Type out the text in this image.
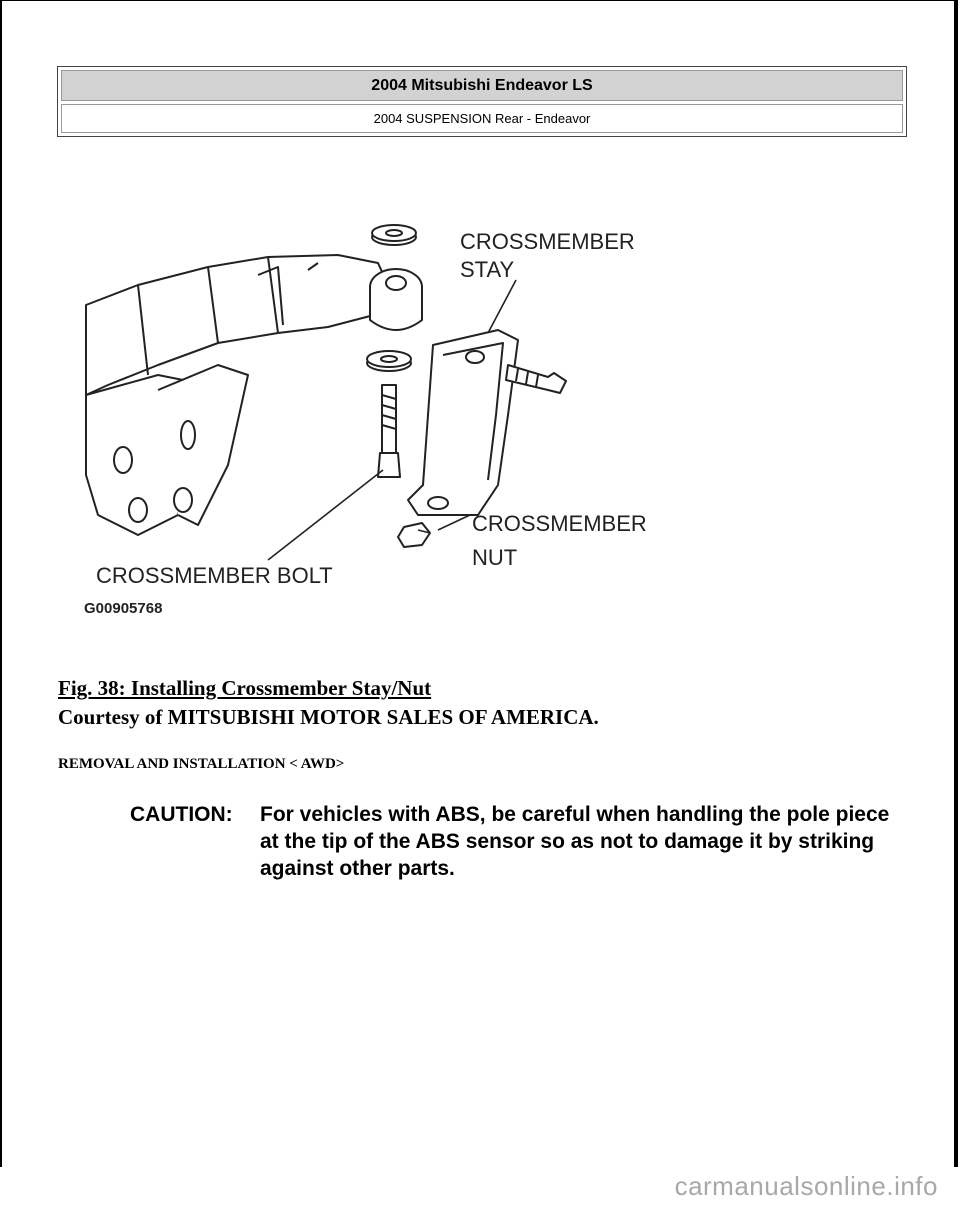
2004 Mitsubishi Endeavor LS
2004 SUSPENSION Rear - Endeavor
CROSSMEMBER
STAY
CROSSMEMBER
NUT
CROSSMEMBER BOLT
G00905768
Fig. 38: Installing Crossmember Stay/Nut
Courtesy of MITSUBISHI MOTOR SALES OF AMERICA.
REMOVAL AND INSTALLATION < AWD>
CAUTION:	For vehicles with ABS, be careful when handling the pole piece at the tip of the ABS sensor so as not to damage it by striking against other parts.
carmanualsonline.info
